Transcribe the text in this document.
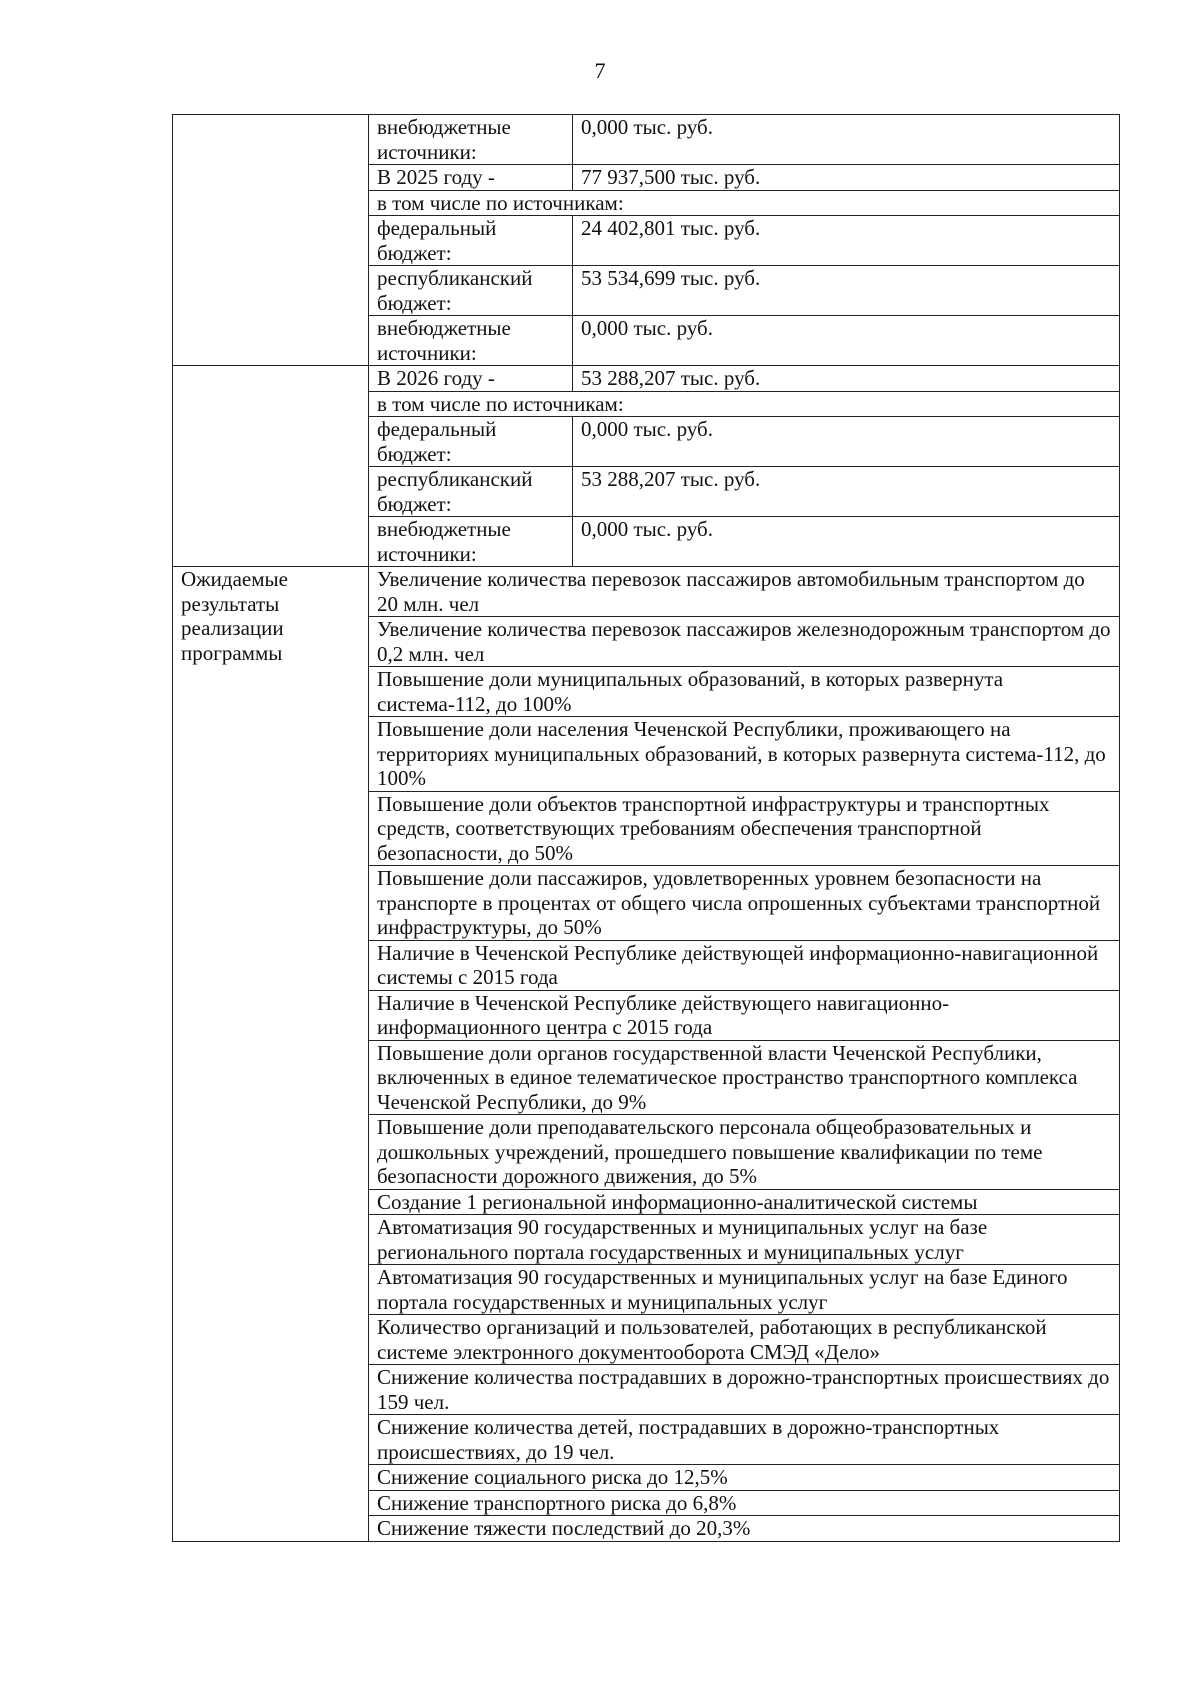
7
	внебюджетные источники:	0,000 тыс. руб.
	В 2025 году -	77 937,500 тыс. руб.
	в том числе по источникам:	
	федеральный бюджет:	24 402,801 тыс. руб.
	республиканский бюджет:	53 534,699 тыс. руб.
	внебюджетные источники:	0,000 тыс. руб.
	В 2026 году -	53 288,207 тыс. руб.
	в том числе по источникам:	
	федеральный бюджет:	0,000 тыс. руб.
	республиканский бюджет:	53 288,207 тыс. руб.
	внебюджетные источники:	0,000 тыс. руб.
Ожидаемые результаты реализации программы	Увеличение количества перевозок пассажиров автомобильным транспортом до 20 млн. чел	
	Увеличение количества перевозок пассажиров железнодорожным транспортом до 0,2 млн. чел	
	Повышение доли муниципальных образований, в которых развернута система-112, до 100%	
	Повышение доли населения Чеченской Республики, проживающего на территориях муниципальных образований, в которых развернута система-112, до 100%	
	Повышение доли объектов транспортной инфраструктуры и транспортных средств, соответствующих требованиям обеспечения транспортной безопасности, до 50%	
	Повышение доли пассажиров, удовлетворенных уровнем безопасности на транспорте в процентах от общего числа опрошенных субъектами транспортной инфраструктуры, до 50%	
	Наличие в Чеченской Республике действующей информационно-навигационной системы с 2015 года	
	Наличие в Чеченской Республике действующего навигационно-информационного центра с 2015 года	
	Повышение доли органов государственной власти Чеченской Республики, включенных в единое телематическое пространство транспортного комплекса Чеченской Республики, до 9%	
	Повышение доли преподавательского персонала общеобразовательных и дошкольных учреждений, прошедшего повышение квалификации по теме безопасности дорожного движения, до 5%	
	Создание 1 региональной информационно-аналитической системы	
	Автоматизация 90 государственных и муниципальных услуг на базе регионального портала государственных и муниципальных услуг	
	Автоматизация 90 государственных и муниципальных услуг на базе Единого портала государственных и муниципальных услуг	
	Количество организаций и пользователей, работающих в республиканской системе электронного документооборота СМЭД «Дело»	
	Снижение количества пострадавших в дорожно-транспортных происшествиях до 159 чел.	
	Снижение количества детей, пострадавших в дорожно-транспортных происшествиях, до 19 чел.	
	Снижение социального риска до 12,5%	
	Снижение транспортного риска до 6,8%	
	Снижение тяжести последствий до 20,3%	
